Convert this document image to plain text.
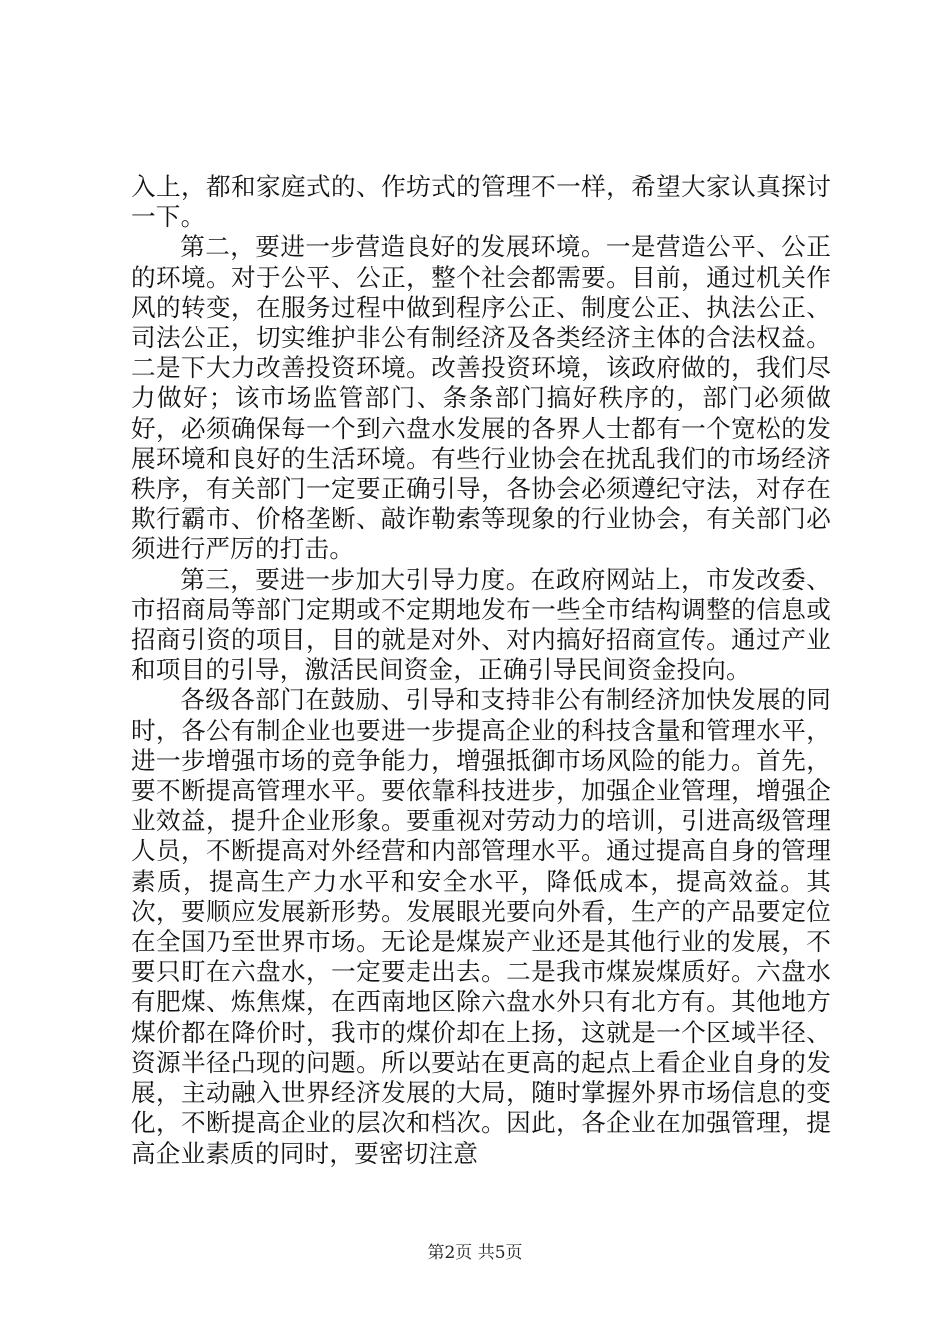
入上，都和家庭式的、作坊式的管理不一样，希望大家认真探讨一下。

第二，要进一步营造良好的发展环境。一是营造公平、公正的环境。对于公平、公正，整个社会都需要。目前，通过机关作风的转变，在服务过程中做到程序公正、制度公正、执法公正、司法公正，切实维护非公有制经济及各类经济主体的合法权益。二是下大力改善投资环境。改善投资环境，该政府做的，我们尽力做好；该市场监管部门、条条部门搞好秩序的，部门必须做好，必须确保每一个到六盘水发展的各界人士都有一个宽松的发展环境和良好的生活环境。有些行业协会在扰乱我们的市场经济秩序，有关部门一定要正确引导，各协会必须遵纪守法，对存在欺行霸市、价格垄断、敲诈勒索等现象的行业协会，有关部门必须进行严厉的打击。

第三，要进一步加大引导力度。在政府网站上，市发改委、市招商局等部门定期或不定期地发布一些全市结构调整的信息或招商引资的项目，目的就是对外、对内搞好招商宣传。通过产业和项目的引导，激活民间资金，正确引导民间资金投向。

各级各部门在鼓励、引导和支持非公有制经济加快发展的同时，各公有制企业也要进一步提高企业的科技含量和管理水平，进一步增强市场的竞争能力，增强抵御市场风险的能力。首先，要不断提高管理水平。要依靠科技进步，加强企业管理，增强企业效益，提升企业形象。要重视对劳动力的培训，引进高级管理人员，不断提高对外经营和内部管理水平。通过提高自身的管理素质，提高生产力水平和安全水平，降低成本，提高效益。其次，要顺应发展新形势。发展眼光要向外看，生产的产品要定位在全国乃至世界市场。无论是煤炭产业还是其他行业的发展，不要只盯在六盘水，一定要走出去。二是我市煤炭煤质好。六盘水有肥煤、炼焦煤，在西南地区除六盘水外只有北方有。其他地方煤价都在降价时，我市的煤价却在上扬，这就是一个区域半径、资源半径凸现的问题。所以要站在更高的起点上看企业自身的发展，主动融入世界经济发展的大局，随时掌握外界市场信息的变化，不断提高企业的层次和档次。因此，各企业在加强管理，提高企业素质的同时，要密切注意

第2页 共5页
